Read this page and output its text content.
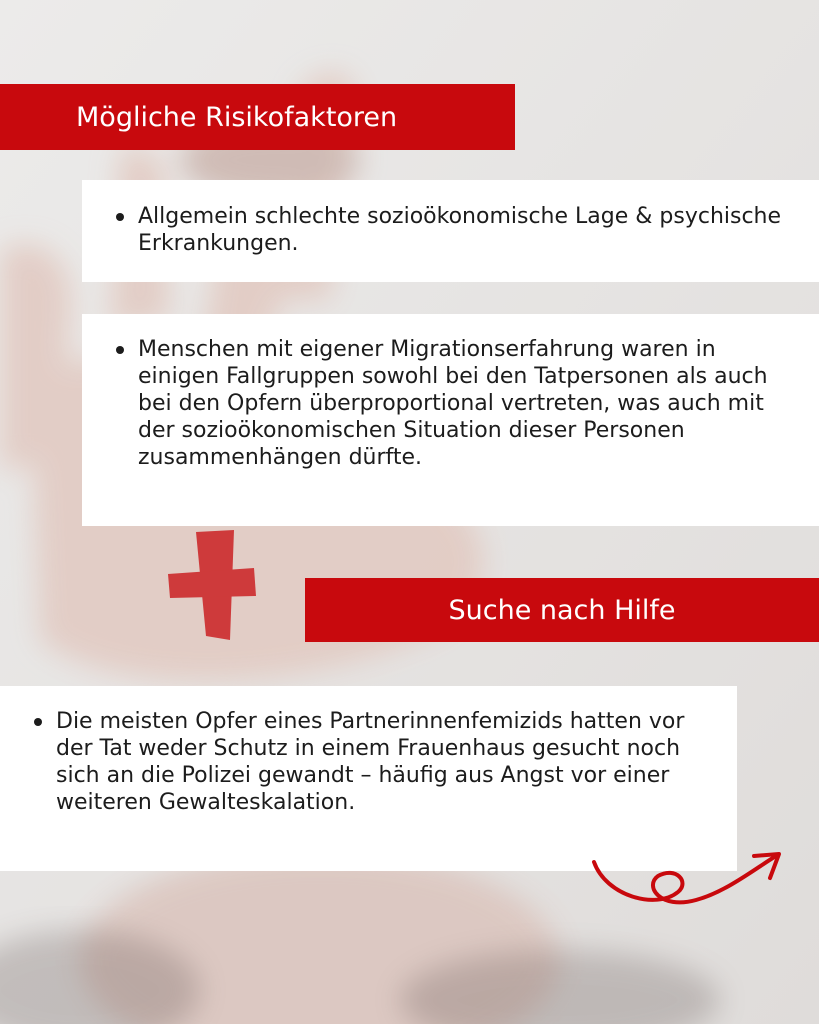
Mögliche Risikofaktoren
Allgemein schlechte sozioökonomische Lage & psychische Erkrankungen.
Menschen mit eigener Migrationserfahrung waren in einigen Fallgruppen sowohl bei den Tatpersonen als auch bei den Opfern überproportional vertreten, was auch mit der sozioökonomischen Situation dieser Personen zusammenhängen dürfte.
Suche nach Hilfe
Die meisten Opfer eines Partnerinnenfemizids hatten vor der Tat weder Schutz in einem Frauenhaus gesucht noch sich an die Polizei gewandt – häufig aus Angst vor einer weiteren Gewalteskalation.
